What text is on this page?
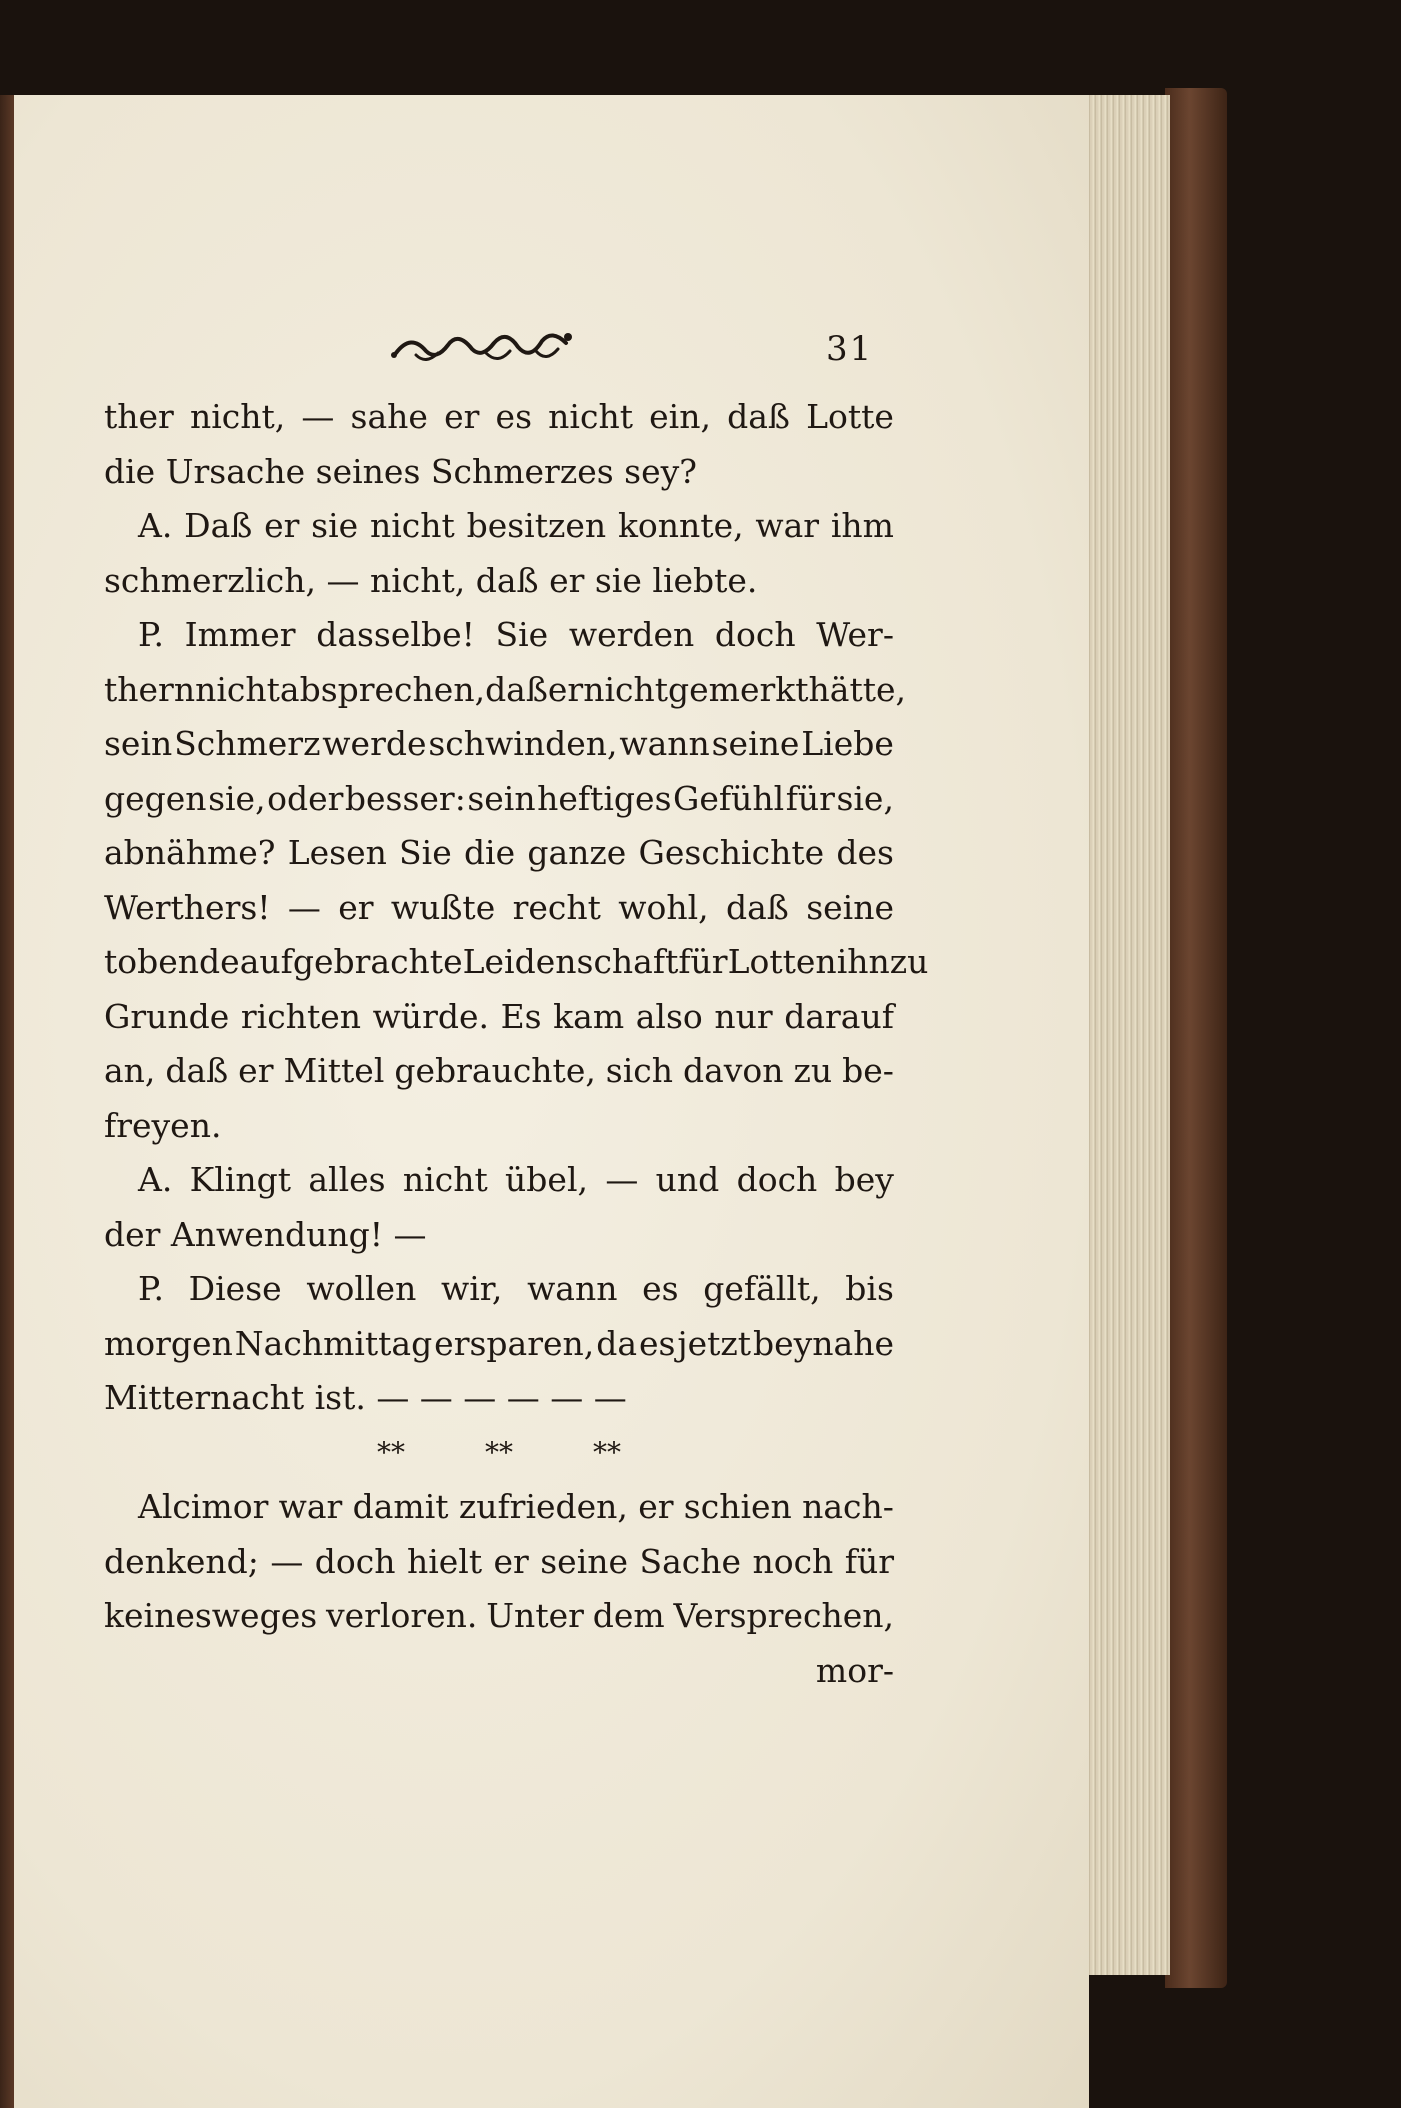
31
ther nicht, — sahe er es nicht ein, daß Lotte
die Ursache seines Schmerzes sey?
A. Daß er sie nicht besitzen konnte, war ihm
schmerzlich, — nicht, daß er sie liebte.
P. Immer dasselbe! Sie werden doch Wer-
thern nicht absprechen, daß er nicht gemerkt hätte,
sein Schmerz werde schwinden, wann seine Liebe
gegen sie, oder besser: sein heftiges Gefühl für sie,
abnähme? Lesen Sie die ganze Geschichte des
Werthers! — er wußte recht wohl, daß seine
tobende aufgebrachte Leidenschaft für Lotten ihn zu
Grunde richten würde. Es kam also nur darauf
an, daß er Mittel gebrauchte, sich davon zu be-
freyen.
A. Klingt alles nicht übel, — und doch bey
der Anwendung! —
P. Diese wollen wir, wann es gefällt, bis
morgen Nachmittag ersparen, da es jetzt beynahe
Mitternacht ist. — — — — — —
**	**	**
Alcimor war damit zufrieden, er schien nach-
denkend; — doch hielt er seine Sache noch für
keinesweges verloren. Unter dem Versprechen,
mor-
